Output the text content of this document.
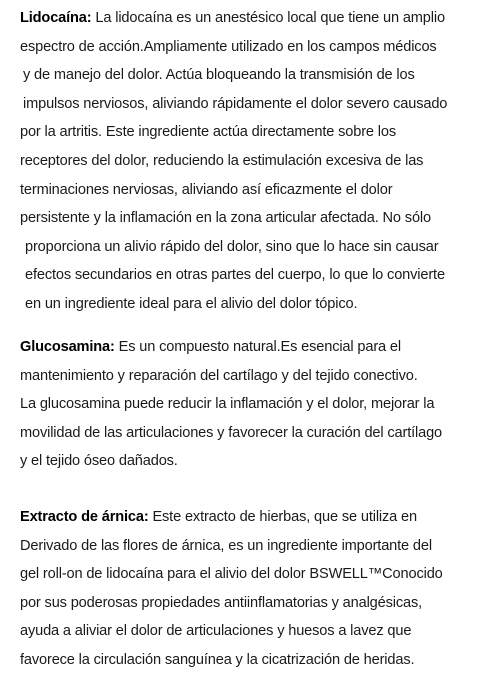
Lidocaína: La lidocaína es un anestésico local que tiene un amplio
espectro de acción.Ampliamente utilizado en los campos médicos
y de manejo del dolor. Actúa bloqueando la transmisión de los
impulsos nerviosos, aliviando rápidamente el dolor severo causado
por la artritis. Este ingrediente actúa directamente sobre los
receptores del dolor, reduciendo la estimulación excesiva de las
terminaciones nerviosas, aliviando así eficazmente el dolor
persistente y la inflamación en la zona articular afectada. No sólo
proporciona un alivio rápido del dolor, sino que lo hace sin causar
efectos secundarios en otras partes del cuerpo, lo que lo convierte
en un ingrediente ideal para el alivio del dolor tópico.

Glucosamina: Es un compuesto natural.Es esencial para el
mantenimiento y reparación del cartílago y del tejido conectivo.
La glucosamina puede reducir la inflamación y el dolor, mejorar la
movilidad de las articulaciones y favorecer la curación del cartílago
y el tejido óseo dañados.

Extracto de árnica: Este extracto de hierbas, que se utiliza en
Derivado de las flores de árnica, es un ingrediente importante del
gel roll-on de lidocaína para el alivio del dolor BSWELL™Conocido
por sus poderosas propiedades antiinflamatorias y analgésicas,
ayuda a aliviar el dolor de articulaciones y huesos a lavez que
favorece la circulación sanguínea y la cicatrización de heridas.
